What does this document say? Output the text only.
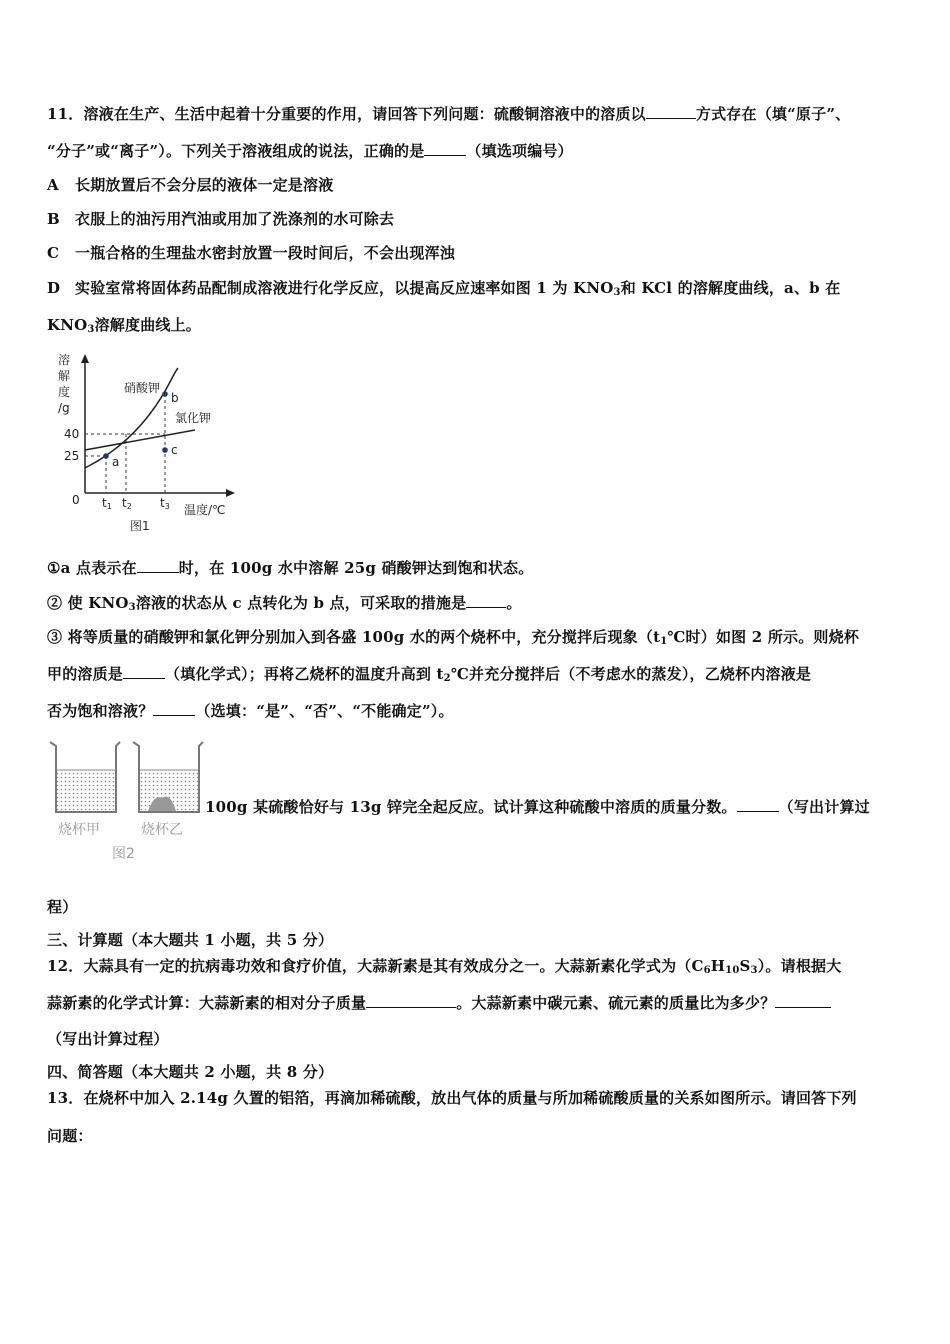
11．溶液在生产、生活中起着十分重要的作用，请回答下列问题：硫酸铜溶液中的溶质以	方式存在（填“原子”、
“分子”或“离子”）。下列关于溶液组成的说法，正确的是	（填选项编号）
A 长期放置后不会分层的液体一定是溶液
B 衣服上的油污用汽油或用加了洗涤剂的水可除去
C 一瓶合格的生理盐水密封放置一段时间后，不会出现浑浊
D 实验室常将固体药品配制成溶液进行化学反应，以提高反应速率如图 1 为 $KNO_3$和 KCl 的溶解度曲线，a、b 在
$KNO_3$溶解度曲线上。
溶
解
度
/g
a
b
c
硝酸钾
氯化钾
40
25
0 t1 t2 t3 温度/℃
图1
①a 点表示在	时，在 100g 水中溶解 25g 硝酸钾达到饱和状态。
② 使 $KNO_3$溶液的状态从 c 点转化为 b 点，可采取的措施是	。
③ 将等质量的硝酸钾和氯化钾分别加入到各盛 100g 水的两个烧杯中，充分搅拌后现象（$t_1℃$时）如图 2 所示。则烧杯
甲的溶质是	（填化学式）；再将乙烧杯的温度升高到 $t_2℃$并充分搅拌后（不考虑水的蒸发），乙烧杯内溶液是
否为饱和溶液？	（选填：“是”、“否”、“不能确定”）。
烧杯甲	烧杯乙
图2
100g 某硫酸恰好与 13g 锌完全起反应。试计算这种硫酸中溶质的质量分数。	（写出计算过
程）
三、计算题（本大题共 1 小题，共 5 分）
12．大蒜具有一定的抗病毒功效和食疗价值，大蒜新素是其有效成分之一。大蒜新素化学式为$(C_6H_{10}S_3)$。请根据大
蒜新素的化学式计算：大蒜新素的相对分子质量	。大蒜新素中碳元素、硫元素的质量比为多少？
（写出计算过程）
四、简答题（本大题共 2 小题，共 8 分）
13．在烧杯中加入 2.14g 久置的铝箔，再滴加稀硫酸，放出气体的质量与所加稀硫酸质量的关系如图所示。请回答下列
问题：
